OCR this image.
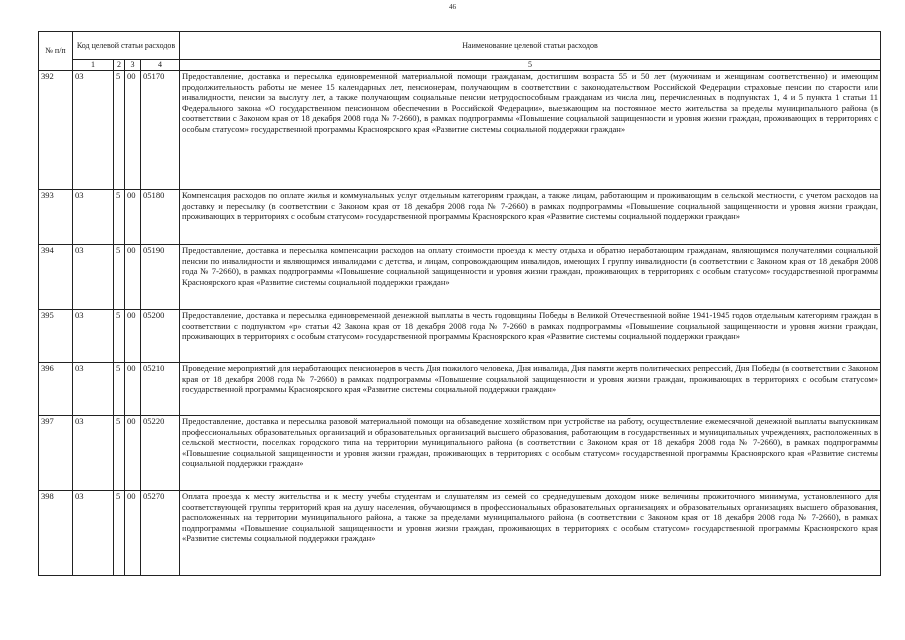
46
№ п/п	Код целевой статьи расходов				Наименование целевой статьи расходов
	1	2	3	4	5
392	03	5	00	05170	Предоставление, доставка и пересылка единовременной материальной помощи гражданам, достигшим возраста 55 и 50 лет (мужчинам и женщинам соответственно) и имеющим продолжительность работы не менее 15 календарных лет, пенсионерам, получающим в соответствии с законодательством Российской Федерации страховые пенсии по старости или инвалидности, пенсии за выслугу лет, а также получающим социальные пенсии нетрудоспособным гражданам из числа лиц, перечисленных в подпунктах 1, 4 и 5 пункта 1 статьи 11 Федерального закона «О государственном пенсионном обеспечении в Российской Федерации», выезжающим на постоянное место жительства за пределы муниципального района (в соответствии с Законом края от 18 декабря 2008 года № 7-2660), в рамках подпрограммы «Повышение социальной защищенности и уровня жизни граждан, проживающих в территориях с особым статусом» государственной программы Красноярского края «Развитие системы социальной поддержки граждан»
393	03	5	00	05180	Компенсация расходов по оплате жилья и коммунальных услуг отдельным категориям граждан, а также лицам, работающим и проживающим в сельской местности, с учетом расходов на доставку и пересылку (в соответствии с Законом края от 18 декабря 2008 года № 7-2660) в рамках подпрограммы «Повышение социальной защищенности и уровня жизни граждан, проживающих в территориях с особым статусом» государственной программы Красноярского края «Развитие системы социальной поддержки граждан»
394	03	5	00	05190	Предоставление, доставка и пересылка компенсации расходов на оплату стоимости проезда к месту отдыха и обратно неработающим гражданам, являющимся получателями социальной пенсии по инвалидности и являющимся инвалидами с детства, и лицам, сопровождающим инвалидов, имеющих I группу инвалидности (в соответствии с Законом края от 18 декабря 2008 года № 7-2660), в рамках подпрограммы «Повышение социальной защищенности и уровня жизни граждан, проживающих в территориях с особым статусом» государственной программы Красноярского края «Развитие системы социальной поддержки граждан»
395	03	5	00	05200	Предоставление, доставка и пересылка единовременной денежной выплаты в честь годовщины Победы в Великой Отечественной войне 1941-1945 годов отдельным категориям граждан в соответствии с подпунктом «р» статьи 42 Закона края от 18 декабря 2008 года № 7-2660 в рамках подпрограммы «Повышение социальной защищенности и уровня жизни граждан, проживающих в территориях с особым статусом» государственной программы Красноярского края «Развитие системы социальной поддержки граждан»
396	03	5	00	05210	Проведение мероприятий для неработающих пенсионеров в честь Дня пожилого человека, Дня инвалида, Дня памяти жертв политических репрессий, Дня Победы (в соответствии с Законом края от 18 декабря 2008 года № 7-2660) в рамках подпрограммы «Повышение социальной защищенности и уровня жизни граждан, проживающих в территориях с особым статусом» государственной программы Красноярского края «Развитие системы социальной поддержки граждан»
397	03	5	00	05220	Предоставление, доставка и пересылка разовой материальной помощи на обзаведение хозяйством при устройстве на работу, осуществление ежемесячной денежной выплаты выпускникам профессиональных образовательных организаций и образовательных организаций высшего образования, работающим в государственных и муниципальных учреждениях, расположенных в сельской местности, поселках городского типа на территории муниципального района (в соответствии с Законом края от 18 декабря 2008 года № 7-2660), в рамках подпрограммы «Повышение социальной защищенности и уровня жизни граждан, проживающих в территориях с особым статусом» государственной программы Красноярского края «Развитие системы социальной поддержки граждан»
398	03	5	00	05270	Оплата проезда к месту жительства и к месту учебы студентам и слушателям из семей со среднедушевым доходом ниже величины прожиточного минимума, установленного для соответствующей группы территорий края на душу населения, обучающимся в профессиональных образовательных организациях и образовательных организациях высшего образования, расположенных на территории муниципального района, а также за пределами муниципального района (в соответствии с Законом края от 18 декабря 2008 года № 7-2660), в рамках подпрограммы «Повышение социальной защищенности и уровня жизни граждан, проживающих в территориях с особым статусом» государственной программы Красноярского края «Развитие системы социальной поддержки граждан»
